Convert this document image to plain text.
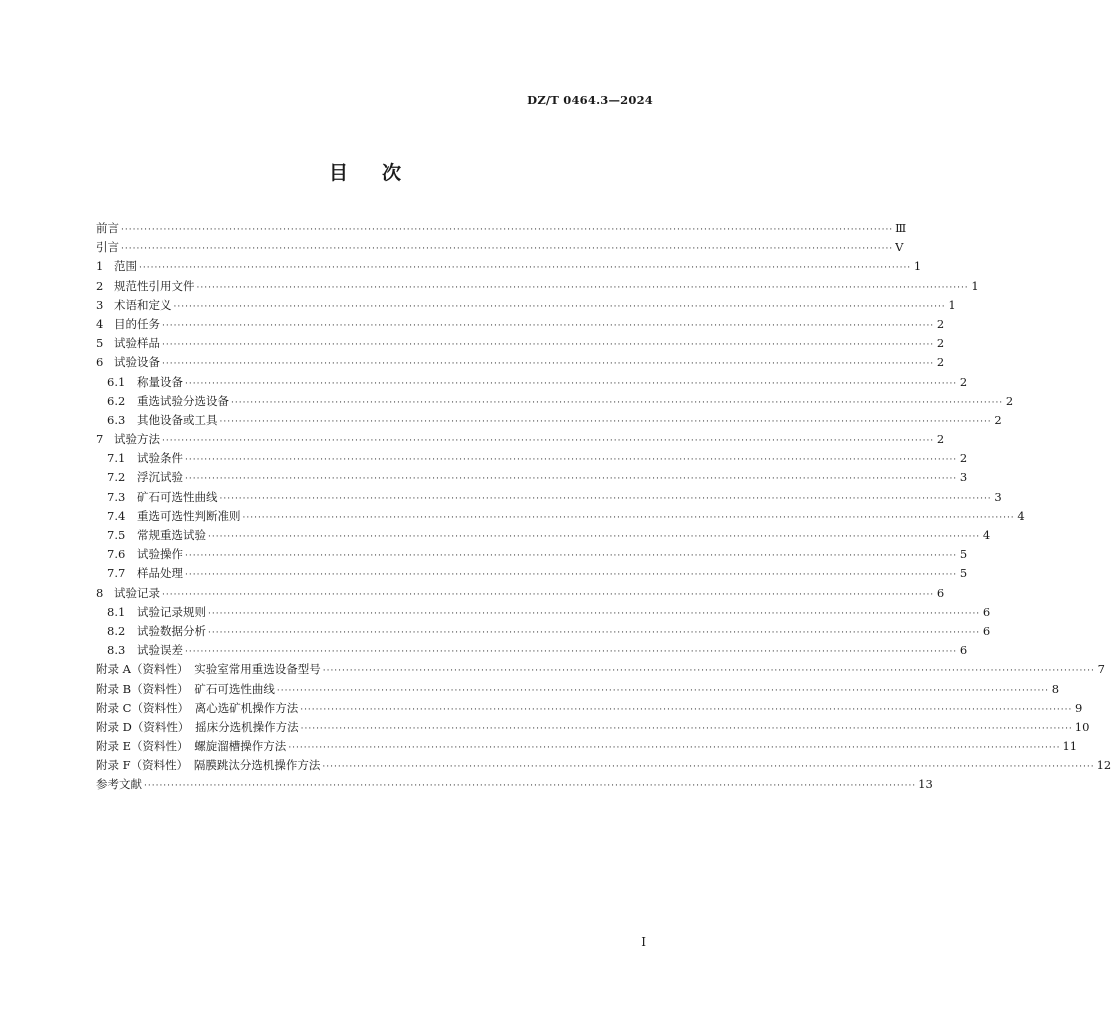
DZ/T 0464.3—2024
目次
前言 ········································································································································································································ Ⅲ
引言 ········································································································································································································ Ⅴ
1 范围 ········································································································································································································ 1
2 规范性引用文件 ········································································································································································································ 1
3 术语和定义 ········································································································································································································ 1
4 目的任务 ········································································································································································································ 2
5 试验样品 ········································································································································································································ 2
6 试验设备 ········································································································································································································ 2
6.1	称量设备 ········································································································································································································ 2
6.2	重选试验分选设备 ········································································································································································································ 2
6.3	其他设备或工具 ········································································································································································································ 2
7 试验方法 ········································································································································································································ 2
7.1	试验条件 ········································································································································································································ 2
7.2	浮沉试验 ········································································································································································································ 3
7.3	矿石可选性曲线 ········································································································································································································ 3
7.4	重选可选性判断准则 ········································································································································································································ 4
7.5	常规重选试验 ········································································································································································································ 4
7.6	试验操作 ········································································································································································································ 5
7.7	样品处理 ········································································································································································································ 5
8 试验记录 ········································································································································································································ 6
8.1	试验记录规则 ········································································································································································································ 6
8.2	试验数据分析 ········································································································································································································ 6
8.3	试验误差 ········································································································································································································ 6
附录 A（资料性）　实验室常用重选设备型号 ········································································································································································································ 7
附录 B（资料性）　矿石可选性曲线 ········································································································································································································ 8
附录 C（资料性）　离心选矿机操作方法 ········································································································································································································ 9
附录 D（资料性）　摇床分选机操作方法 ········································································································································································································ 10
附录 E（资料性）　螺旋溜槽操作方法 ········································································································································································································ 11
附录 F（资料性）　隔膜跳汰分选机操作方法 ········································································································································································································ 12
参考文献 ········································································································································································································ 13
Ⅰ
